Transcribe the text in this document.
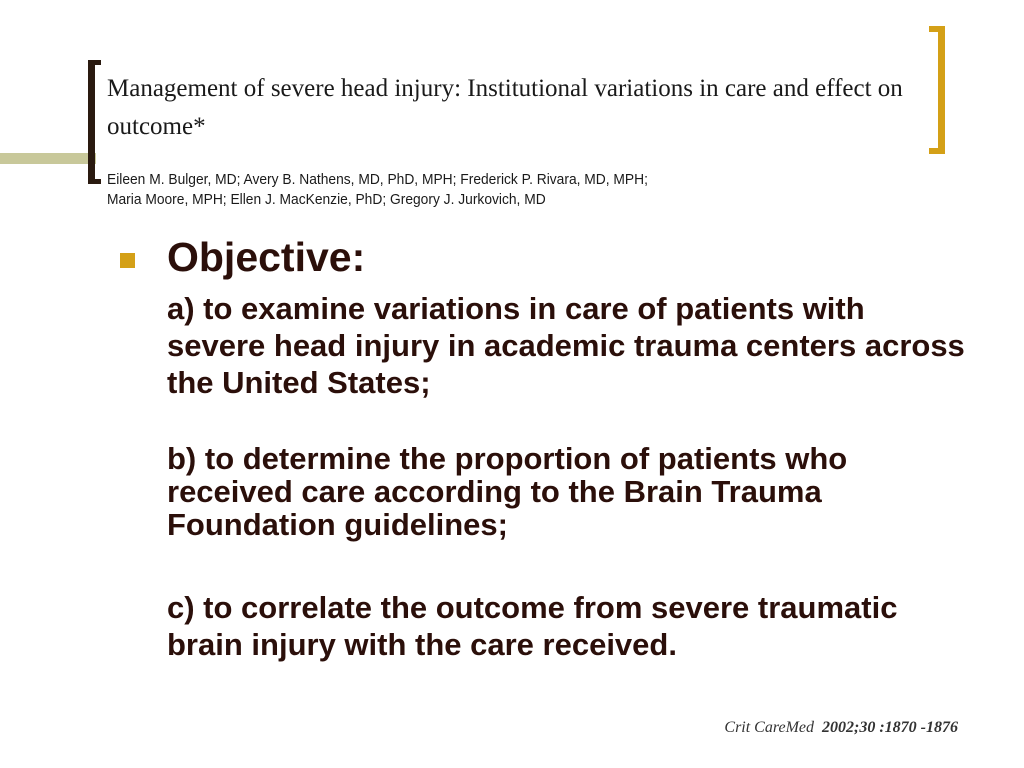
Management of severe head injury: Institutional variations in care and effect on outcome*
Eileen M. Bulger, MD; Avery B. Nathens, MD, PhD, MPH; Frederick P. Rivara, MD, MPH;
Maria Moore, MPH; Ellen J. MacKenzie, PhD; Gregory J. Jurkovich, MD
Objective:

a) to examine variations in care of patients with severe head injury in academic trauma centers across the United States;

b) to determine the proportion of patients who received care according to the Brain Trauma Foundation guidelines;

c) to correlate the outcome from severe traumatic brain injury with the care received.

Crit CareMed 2002;30 :1870 -1876
